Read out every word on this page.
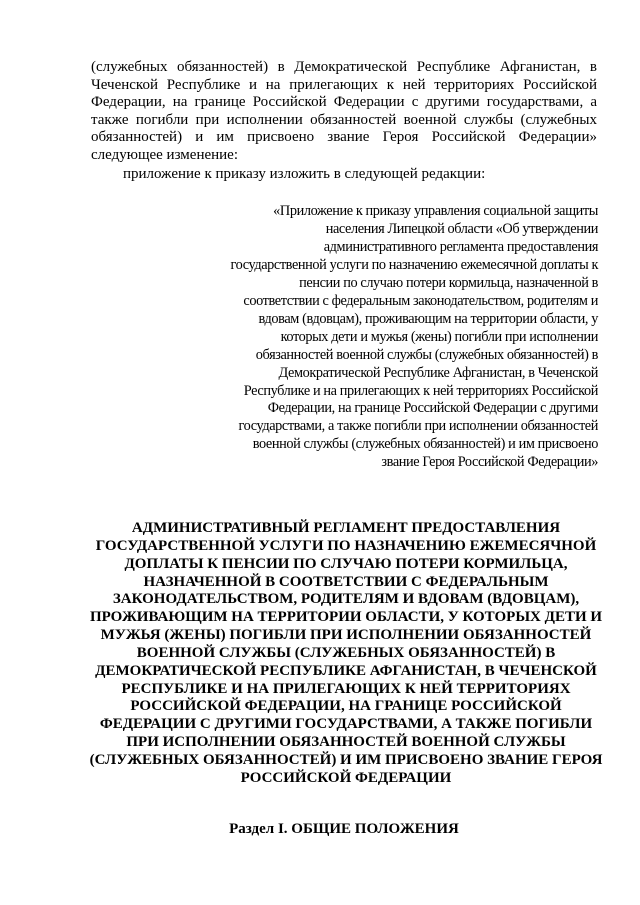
(служебных обязанностей) в Демократической Республике Афганистан, в Чеченской Республике и на прилегающих к ней территориях Российской Федерации, на границе Российской Федерации с другими государствами, а также погибли при исполнении обязанностей военной службы (служебных обязанностей) и им присвоено звание Героя Российской Федерации» следующее изменение:

приложение к приказу изложить в следующей редакции:

«Приложение к приказу управления социальной защиты населения Липецкой области «Об утверждении административного регламента предоставления государственной услуги по назначению ежемесячной доплаты к пенсии по случаю потери кормильца, назначенной в соответствии с федеральным законодательством, родителям и вдовам (вдовцам), проживающим на территории области, у которых дети и мужья (жены) погибли при исполнении обязанностей военной службы (служебных обязанностей) в Демократической Республике Афганистан, в Чеченской Республике и на прилегающих к ней территориях Российской Федерации, на границе Российской Федерации с другими государствами, а также погибли при исполнении обязанностей военной службы (служебных обязанностей) и им присвоено звание Героя Российской Федерации»

АДМИНИСТРАТИВНЫЙ РЕГЛАМЕНТ ПРЕДОСТАВЛЕНИЯ ГОСУДАРСТВЕННОЙ УСЛУГИ ПО НАЗНАЧЕНИЮ ЕЖЕМЕСЯЧНОЙ ДОПЛАТЫ К ПЕНСИИ ПО СЛУЧАЮ ПОТЕРИ КОРМИЛЬЦА, НАЗНАЧЕННОЙ В СООТВЕТСТВИИ С ФЕДЕРАЛЬНЫМ ЗАКОНОДАТЕЛЬСТВОМ, РОДИТЕЛЯМ И ВДОВАМ (ВДОВЦАМ), ПРОЖИВАЮЩИМ НА ТЕРРИТОРИИ ОБЛАСТИ, У КОТОРЫХ ДЕТИ И МУЖЬЯ (ЖЕНЫ) ПОГИБЛИ ПРИ ИСПОЛНЕНИИ ОБЯЗАННОСТЕЙ ВОЕННОЙ СЛУЖБЫ (СЛУЖЕБНЫХ ОБЯЗАННОСТЕЙ) В ДЕМОКРАТИЧЕСКОЙ РЕСПУБЛИКЕ АФГАНИСТАН, В ЧЕЧЕНСКОЙ РЕСПУБЛИКЕ И НА ПРИЛЕГАЮЩИХ К НЕЙ ТЕРРИТОРИЯХ РОССИЙСКОЙ ФЕДЕРАЦИИ, НА ГРАНИЦЕ РОССИЙСКОЙ ФЕДЕРАЦИИ С ДРУГИМИ ГОСУДАРСТВАМИ, А ТАКЖЕ ПОГИБЛИ ПРИ ИСПОЛНЕНИИ ОБЯЗАННОСТЕЙ ВОЕННОЙ СЛУЖБЫ (СЛУЖЕБНЫХ ОБЯЗАННОСТЕЙ) И ИМ ПРИСВОЕНО ЗВАНИЕ ГЕРОЯ РОССИЙСКОЙ ФЕДЕРАЦИИ
Раздел I. ОБЩИЕ ПОЛОЖЕНИЯ
